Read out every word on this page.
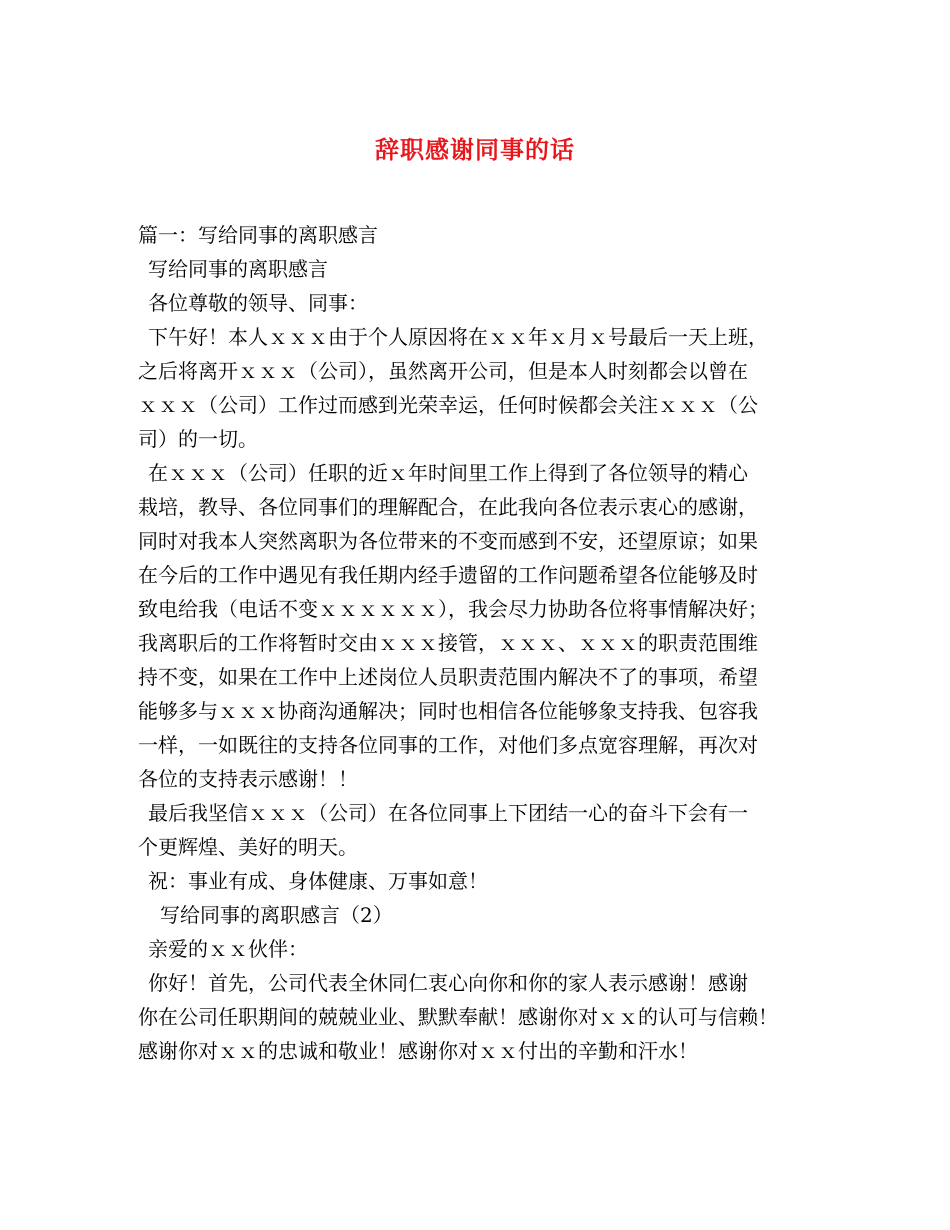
辞职感谢同事的话
篇一：写给同事的离职感言
写给同事的离职感言
各位尊敬的领导、同事：
下午好！本人ｘｘｘ由于个人原因将在ｘｘ年ｘ月ｘ号最后一天上班，
之后将离开ｘｘｘ（公司），虽然离开公司，但是本人时刻都会以曾在
ｘｘｘ（公司）工作过而感到光荣幸运，任何时候都会关注ｘｘｘ（公
司）的一切。
在ｘｘｘ（公司）任职的近ｘ年时间里工作上得到了各位领导的精心
栽培，教导、各位同事们的理解配合，在此我向各位表示衷心的感谢，
同时对我本人突然离职为各位带来的不变而感到不安，还望原谅；如果
在今后的工作中遇见有我任期内经手遗留的工作问题希望各位能够及时
致电给我（电话不变ｘｘｘｘｘｘ），我会尽力协助各位将事情解决好；
我离职后的工作将暂时交由ｘｘｘ接管，ｘｘｘ、ｘｘｘ的职责范围维
持不变，如果在工作中上述岗位人员职责范围内解决不了的事项，希望
能够多与ｘｘｘ协商沟通解决；同时也相信各位能够象支持我、包容我
一样，一如既往的支持各位同事的工作，对他们多点宽容理解，再次对
各位的支持表示感谢！！
最后我坚信ｘｘｘ（公司）在各位同事上下团结一心的奋斗下会有一
个更辉煌、美好的明天。
祝：事业有成、身体健康、万事如意！
写给同事的离职感言（2）
亲爱的ｘｘ伙伴：
你好！首先，公司代表全休同仁衷心向你和你的家人表示感谢！感谢
你在公司任职期间的兢兢业业、默默奉献！感谢你对ｘｘ的认可与信赖！
感谢你对ｘｘ的忠诚和敬业！感谢你对ｘｘ付出的辛勤和汗水！
